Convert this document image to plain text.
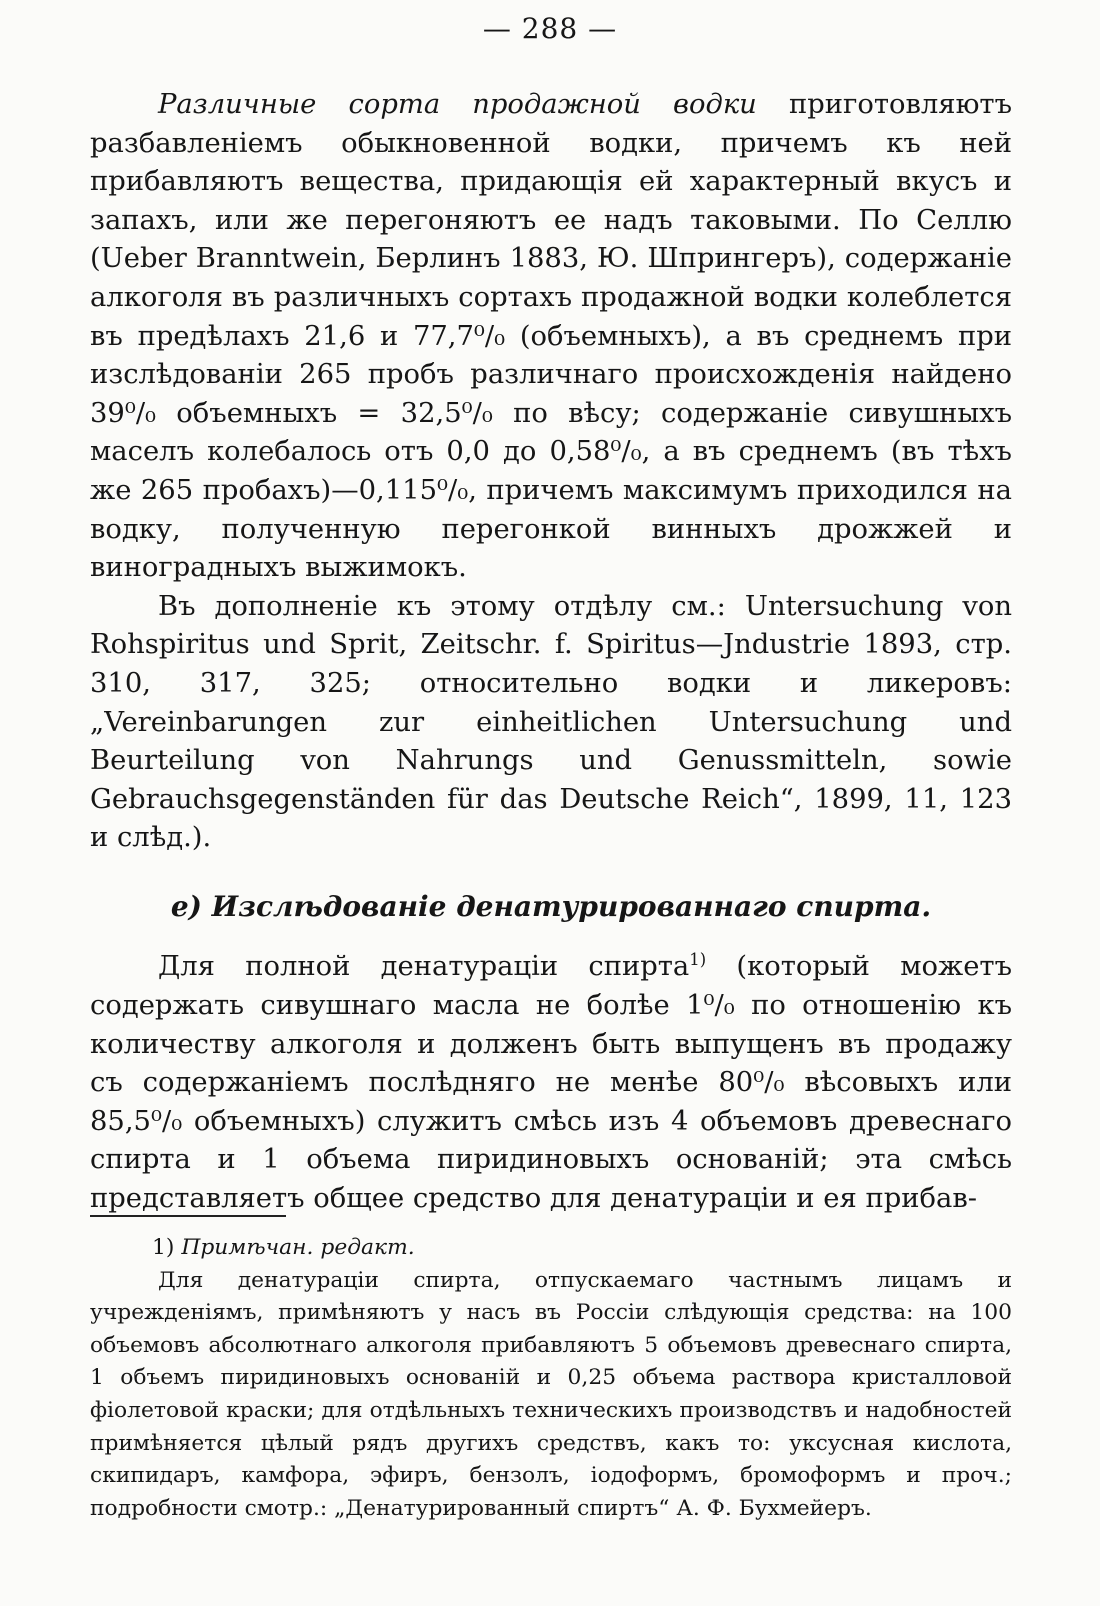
— 288 —

Различные сорта продажной водки приготовляютъ разбавленіемъ обыкновенной водки, причемъ къ ней прибавляютъ вещества, придающія ей характерный вкусъ и запахъ, или же перегоняютъ ее надъ таковыми. По Селлю (Ueber Branntwein, Берлинъ 1883, Ю. Шпрингеръ), содержаніе алкоголя въ различныхъ сортахъ продажной водки колеблется въ предѣлахъ 21,6 и 77,7⁰/₀ (объемныхъ), а въ среднемъ при изслѣдованіи 265 пробъ различнаго происхожденія найдено 39⁰/₀ объемныхъ = 32,5⁰/₀ по вѣсу; содержаніе сивушныхъ маселъ колебалось отъ 0,0 до 0,58⁰/₀, а въ среднемъ (въ тѣхъ же 265 пробахъ)—0,115⁰/₀, причемъ максимумъ приходился на водку, полученную перегонкой винныхъ дрожжей и виноградныхъ выжимокъ.

Въ дополненіе къ этому отдѣлу см.: Untersuchung von Rohspiritus und Sprit, Zeitschr. f. Spiritus—Jndustrie 1893, стр. 310, 317, 325; относительно водки и ликеровъ: „Vereinbarungen zur einheitlichen Untersuchung und Beurteilung von Nahrungs und Genussmitteln, sowie Gebrauchsgegenständen für das Deutsche Reich“, 1899, 11, 123 и слѣд.).

e) Изслѣдованіе денатурированнаго спирта.

Для полной денатураціи спирта$^{1)}$ (который можетъ содержать сивушнаго масла не болѣе 1⁰/₀ по отношенію къ количеству алкоголя и долженъ быть выпущенъ въ продажу съ содержаніемъ послѣдняго не менѣе 80⁰/₀ вѣсовыхъ или 85,5⁰/₀ объемныхъ) служитъ смѣсь изъ 4 объемовъ древеснаго спирта и 1 объема пиридиновыхъ основаній; эта смѣсь представляетъ общее средство для денатураціи и ея прибав-

1) Примѣчан. редакт.

Для денатураціи спирта, отпускаемаго частнымъ лицамъ и учрежденіямъ, примѣняютъ у насъ въ Россіи слѣдующія средства: на 100 объемовъ абсолютнаго алкоголя прибавляютъ 5 объемовъ древеснаго спирта, 1 объемъ пиридиновыхъ основаній и 0,25 объема раствора кристалловой фіолетовой краски; для отдѣльныхъ техническихъ производствъ и надобностей примѣняется цѣлый рядъ другихъ средствъ, какъ то: уксусная кислота, скипидаръ, камфора, эфиръ, бензолъ, іодоформъ, бромоформъ и проч.; подробности смотр.: „Денатурированный спиртъ“ А. Ф. Бухмейеръ.
